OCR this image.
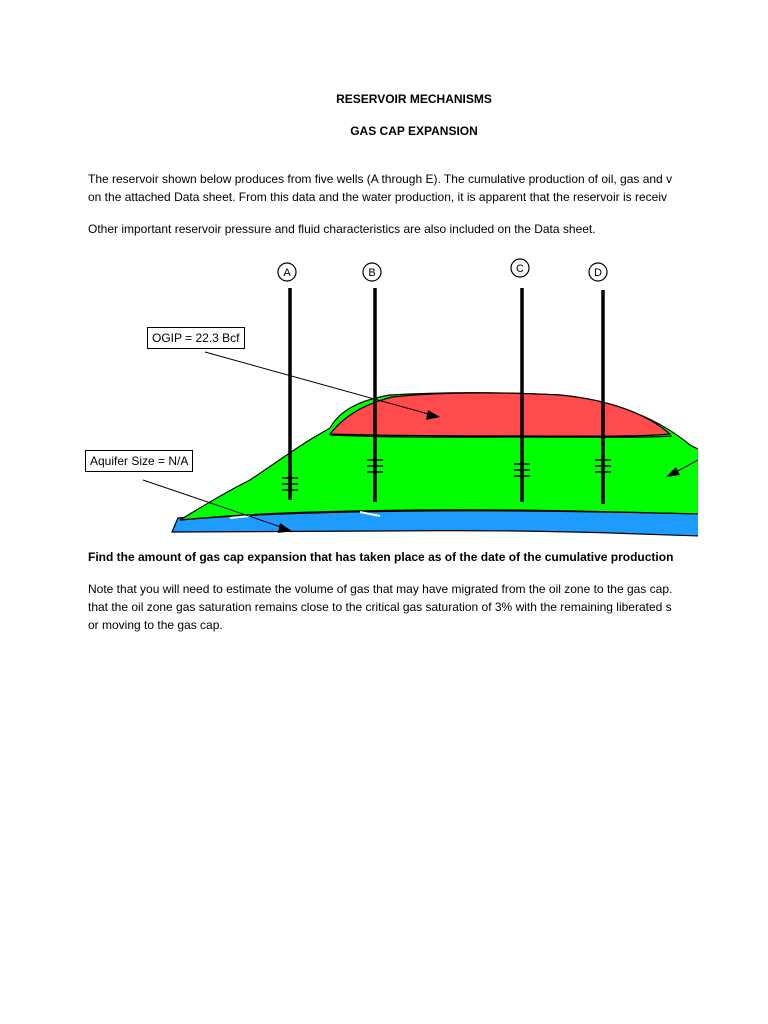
RESERVOIR MECHANISMS
GAS CAP EXPANSION
The reservoir shown below produces from five wells (A through E). The cumulative production of oil, gas and v
on the attached Data sheet. From this data and the water production, it is apparent that the reservoir is receiv
Other important reservoir pressure and fluid characteristics are also included on the Data sheet.
A	B	C	D
OGIP = 22.3 Bcf
Aquifer Size = N/A
Find the amount of gas cap expansion that has taken place as of the date of the cumulative production
Note that you will need to estimate the volume of gas that may have migrated from the oil zone to the gas cap.
that the oil zone gas saturation remains close to the critical gas saturation of 3% with the remaining liberated s
or moving to the gas cap.
